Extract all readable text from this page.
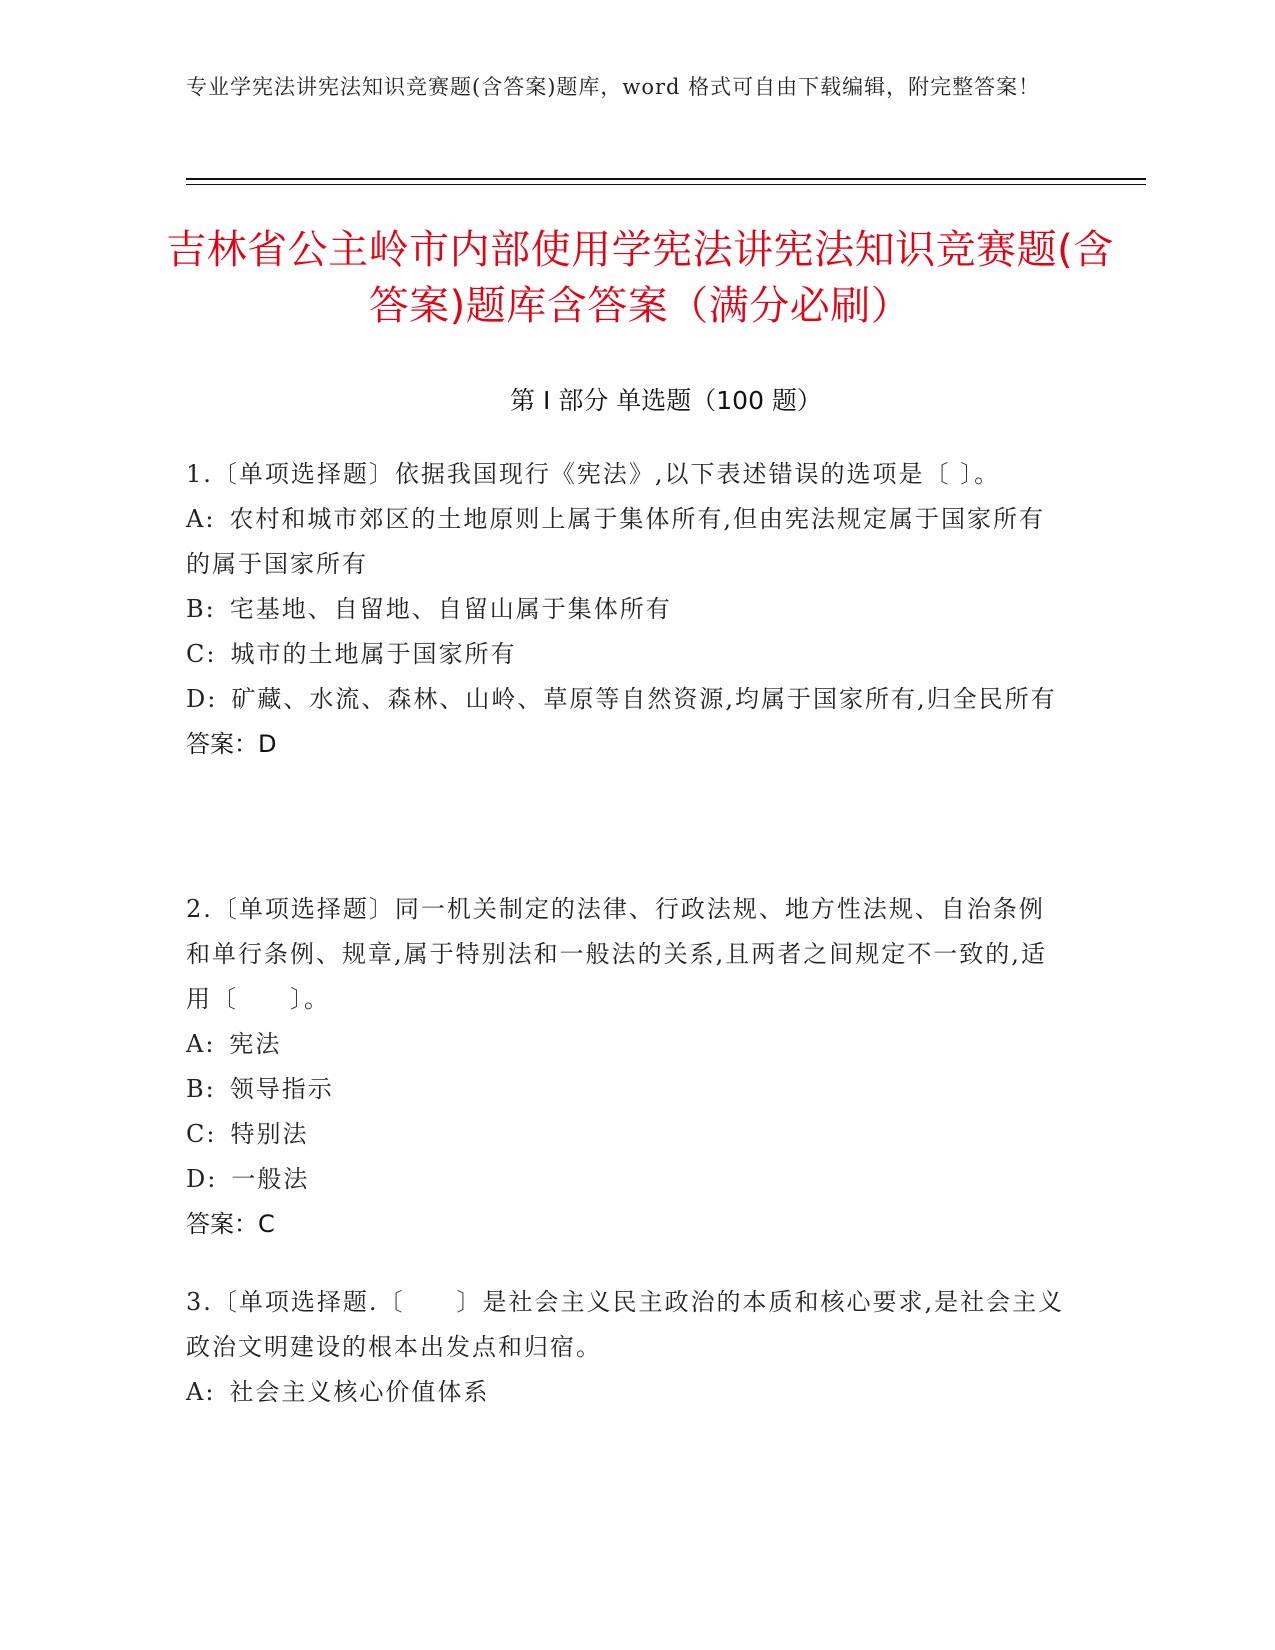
专业学宪法讲宪法知识竞赛题(含答案)题库，word 格式可自由下载编辑，附完整答案！
吉林省公主岭市内部使用学宪法讲宪法知识竞赛题(含答案)题库含答案（满分必刷）
第 I 部分 单选题（100 题）

1.〔单项选择题〕依据我国现行《宪法》,以下表述错误的选项是〔 〕。

A: 农村和城市郊区的土地原则上属于集体所有,但由宪法规定属于国家所有的属于国家所有

B: 宅基地、自留地、自留山属于集体所有

C: 城市的土地属于国家所有

D: 矿藏、水流、森林、山岭、草原等自然资源,均属于国家所有,归全民所有

答案：D

2.〔单项选择题〕同一机关制定的法律、行政法规、地方性法规、自治条例和单行条例、规章,属于特别法和一般法的关系,且两者之间规定不一致的,适用〔　　〕。

A: 宪法

B: 领导指示

C: 特别法

D: 一般法

答案：C

3.〔单项选择题.〔　　〕是社会主义民主政治的本质和核心要求,是社会主义政治文明建设的根本出发点和归宿。

A: 社会主义核心价值体系
